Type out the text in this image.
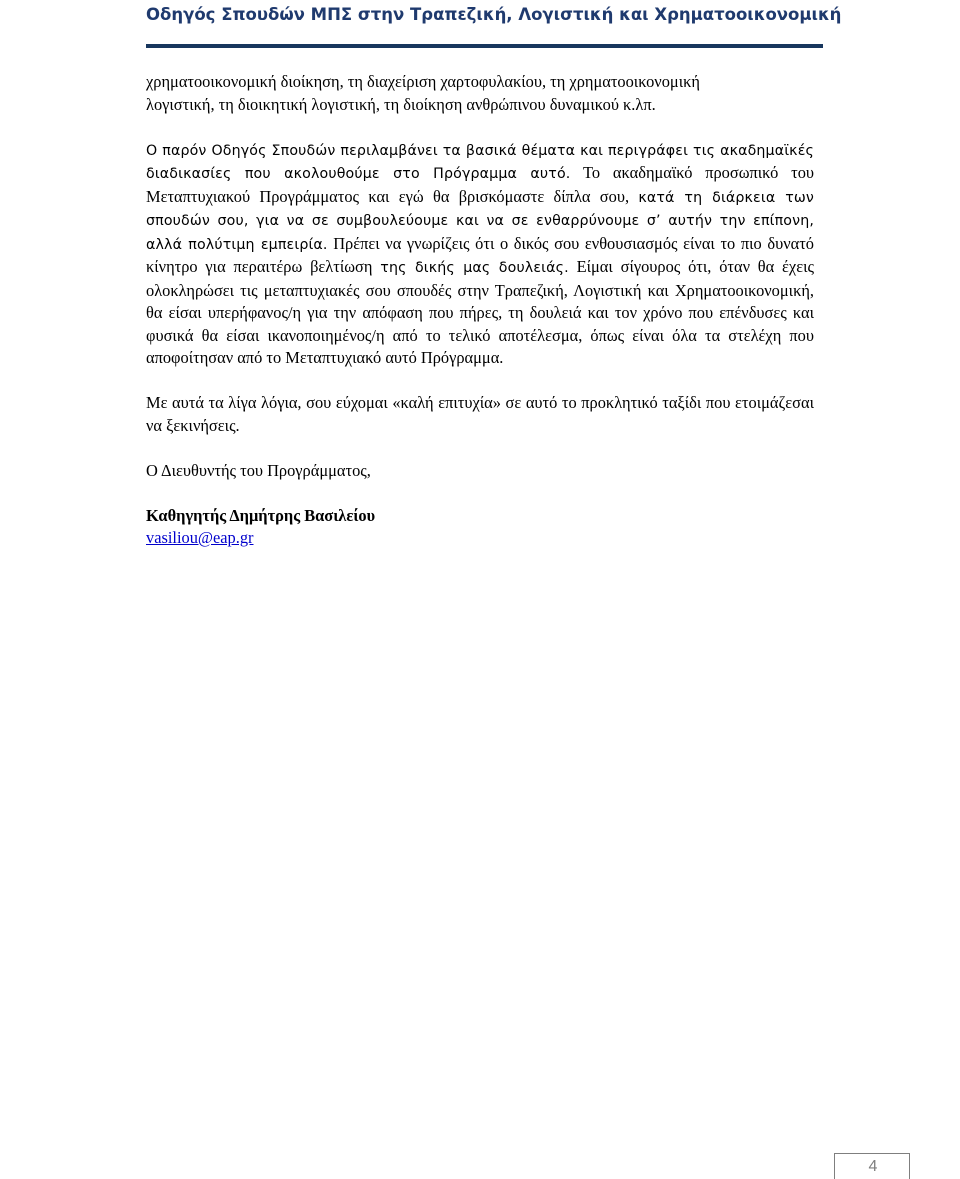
Οδηγός Σπουδών ΜΠΣ στην Τραπεζική, Λογιστική και Χρηματοοικονομική

χρηματοοικονομική διοίκηση, τη διαχείριση χαρτοφυλακίου, τη χρηματοοικονομική

λογιστική, τη διοικητική λογιστική, τη διοίκηση ανθρώπινου δυναμικού κ.λπ.

Ο παρόν Οδηγός Σπουδών περιλαμβάνει τα βασικά θέματα και περιγράφει τις ακαδημαϊκές διαδικασίες που ακολουθούμε στο Πρόγραμμα αυτό. Το ακαδημαϊκό προσωπικό του Μεταπτυχιακού Προγράμματος και εγώ θα βρισκόμαστε δίπλα σου, κατά τη διάρκεια των σπουδών σου, για να σε συμβουλεύουμε και να σε ενθαρρύνουμε σ’ αυτήν την επίπονη, αλλά πολύτιμη εμπειρία. Πρέπει να γνωρίζεις ότι ο δικός σου ενθουσιασμός είναι το πιο δυνατό κίνητρο για περαιτέρω βελτίωση της δικής μας δουλειάς. Είμαι σίγουρος ότι, όταν θα έχεις ολοκληρώσει τις μεταπτυχιακές σου σπουδές στην Τραπεζική, Λογιστική και Χρηματοοικονομική, θα είσαι υπερήφανος/η για την απόφαση που πήρες, τη δουλειά και τον χρόνο που επένδυσες και φυσικά θα είσαι ικανοποιημένος/η από το τελικό αποτέλεσμα, όπως είναι όλα τα στελέχη που αποφοίτησαν από το Μεταπτυχιακό αυτό Πρόγραμμα.

Με αυτά τα λίγα λόγια, σου εύχομαι «καλή επιτυχία» σε αυτό το προκλητικό ταξίδι που ετοιμάζεσαι να ξεκινήσεις.

Ο Διευθυντής του Προγράμματος,

Καθηγητής Δημήτρης Βασιλείου

vasiliou@eap.gr

4
